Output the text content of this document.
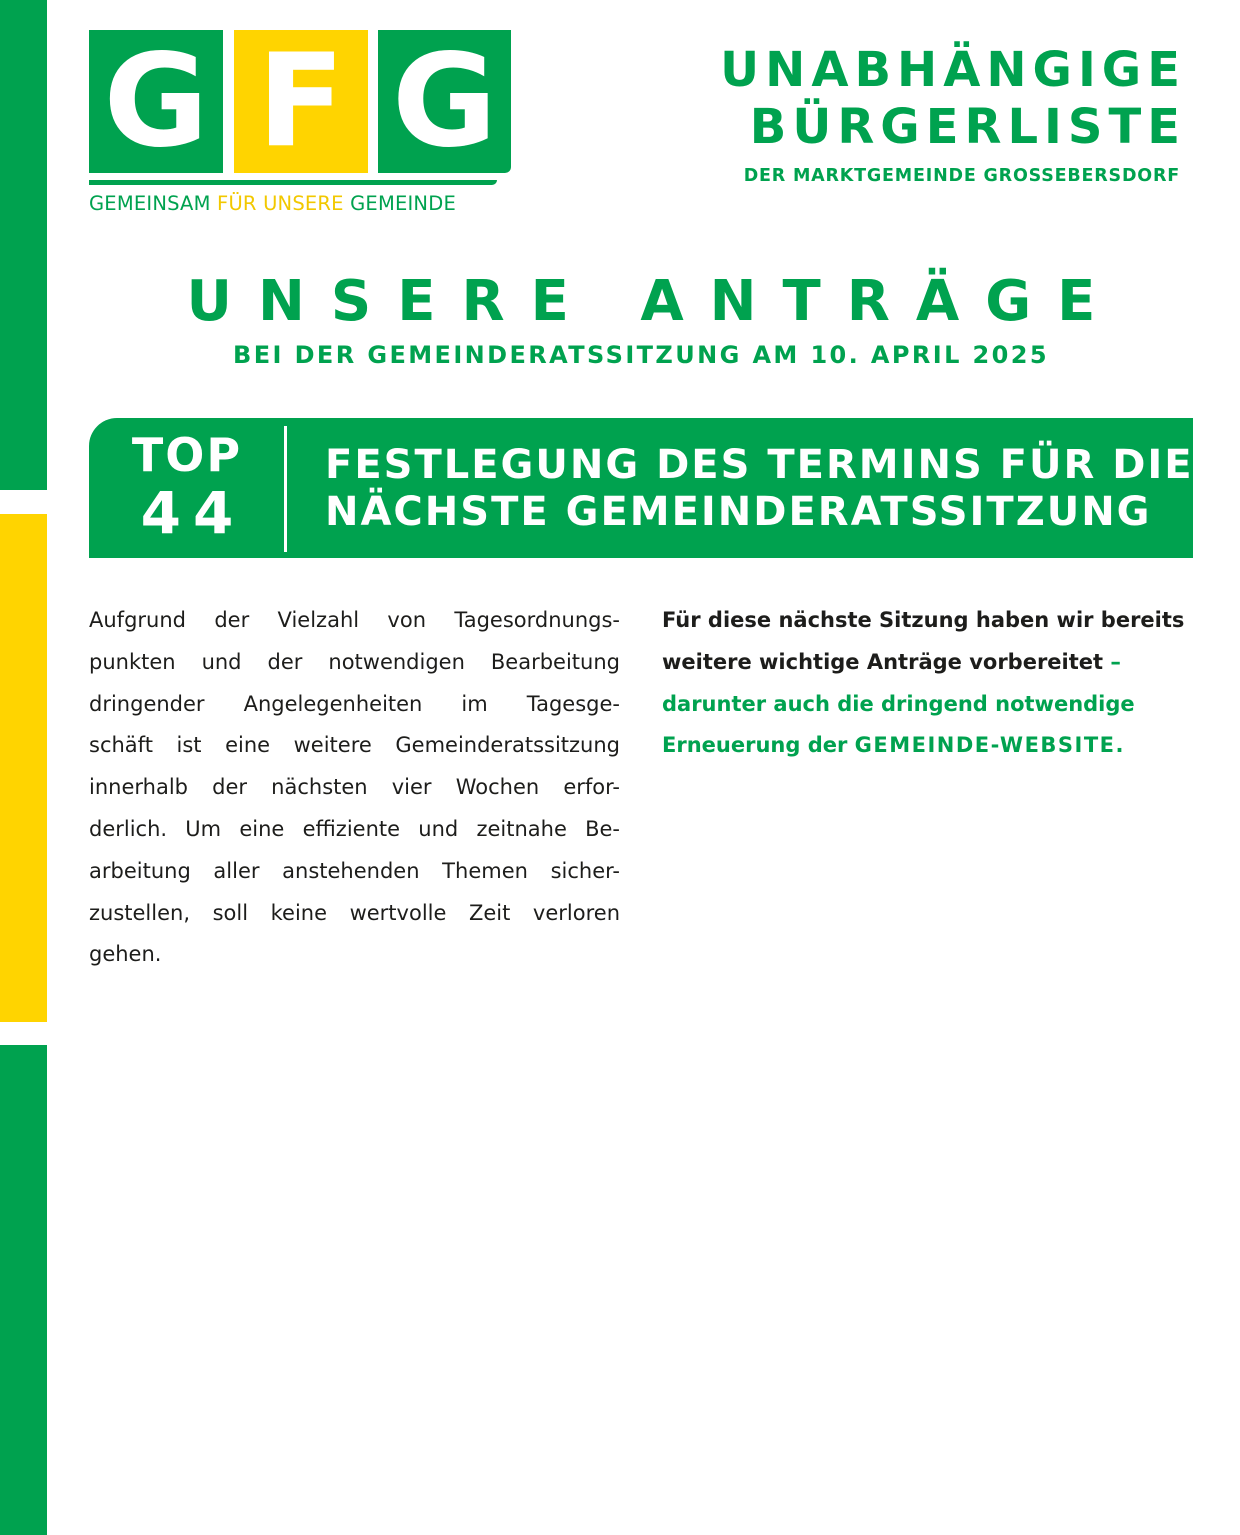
G F G
GEMEINSAM FÜR UNSERE GEMEINDE
UNABHÄNGIGE
BÜRGERLISTE
DER MARKTGEMEINDE GROSSEBERSDORF
UNSERE ANTRÄGE
BEI DER GEMEINDERATSSITZUNG AM 10. APRIL 2025
TOP
44
FESTLEGUNG DES TERMINS FÜR DIE
NÄCHSTE GEMEINDERATSSITZUNG
Aufgrund der Vielzahl von Tagesordnungs-
punkten und der notwendigen Bearbeitung
dringender Angelegenheiten im Tagesge-
schäft ist eine weitere Gemeinderatssitzung
innerhalb der nächsten vier Wochen erfor-
derlich. Um eine effiziente und zeitnahe Be-
arbeitung aller anstehenden Themen sicher-
zustellen, soll keine wertvolle Zeit verloren
gehen.
Für diese nächste Sitzung haben wir bereits
weitere wichtige Anträge vorbereitet –
darunter auch die dringend notwendige
Erneuerung der GEMEINDE-WEBSITE.
